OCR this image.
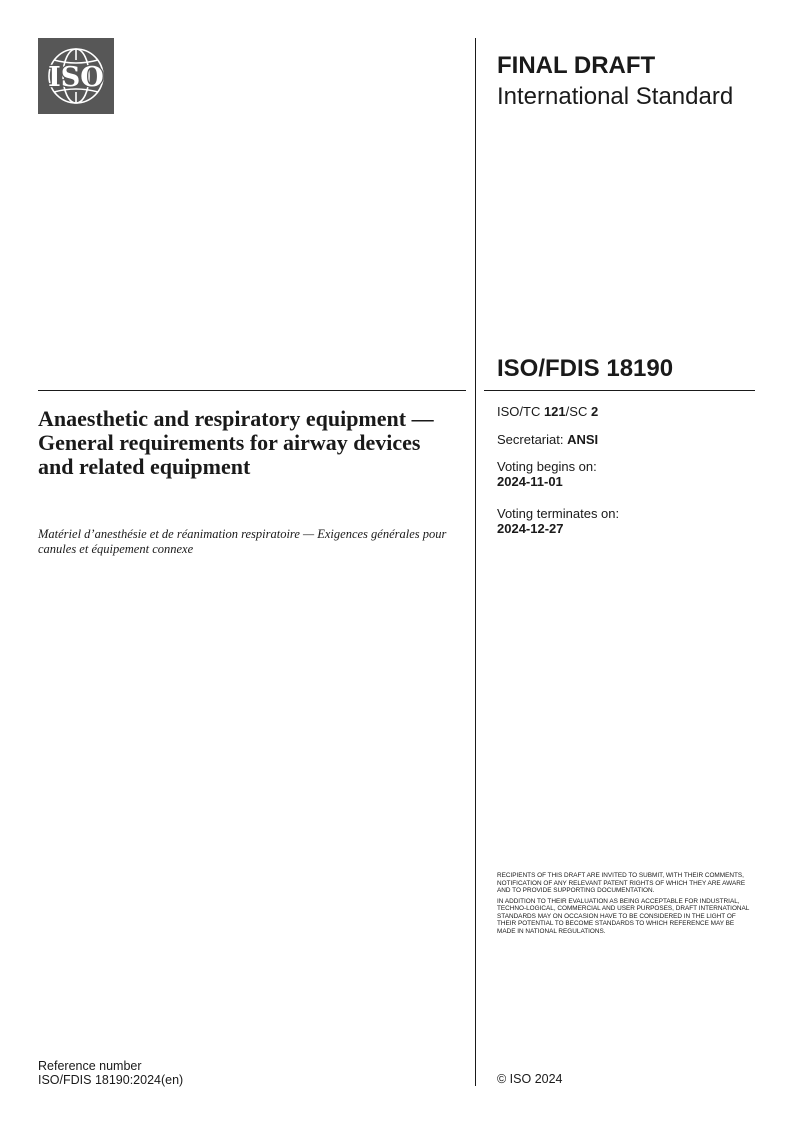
ISO	FINAL DRAFT
International Standard
ISO/FDIS 18190
Anaesthetic and respiratory equipment — General requirements for airway devices and related equipment

Matériel d’anesthésie et de réanimation respiratoire — Exigences générales pour canules et équipement connexe

ISO/TC 121/SC 2
Secretariat: ANSI
Voting begins on:
2024-11-01
Voting terminates on:
2024-12-27

RECIPIENTS OF THIS DRAFT ARE INVITED TO SUBMIT, WITH THEIR COMMENTS, NOTIFICATION OF ANY RELEVANT PATENT RIGHTS OF WHICH THEY ARE AWARE AND TO PROVIDE SUPPORTING DOCUMENTATION.

IN ADDITION TO THEIR EVALUATION AS BEING ACCEPTABLE FOR INDUSTRIAL, TECHNO-LOGICAL, COMMERCIAL AND USER PURPOSES, DRAFT INTERNATIONAL STANDARDS MAY ON OCCASION HAVE TO BE CONSIDERED IN THE LIGHT OF THEIR POTENTIAL TO BECOME STANDARDS TO WHICH REFERENCE MAY BE MADE IN NATIONAL REGULATIONS.

Reference number
ISO/FDIS 18190:2024(en)	© ISO 2024
